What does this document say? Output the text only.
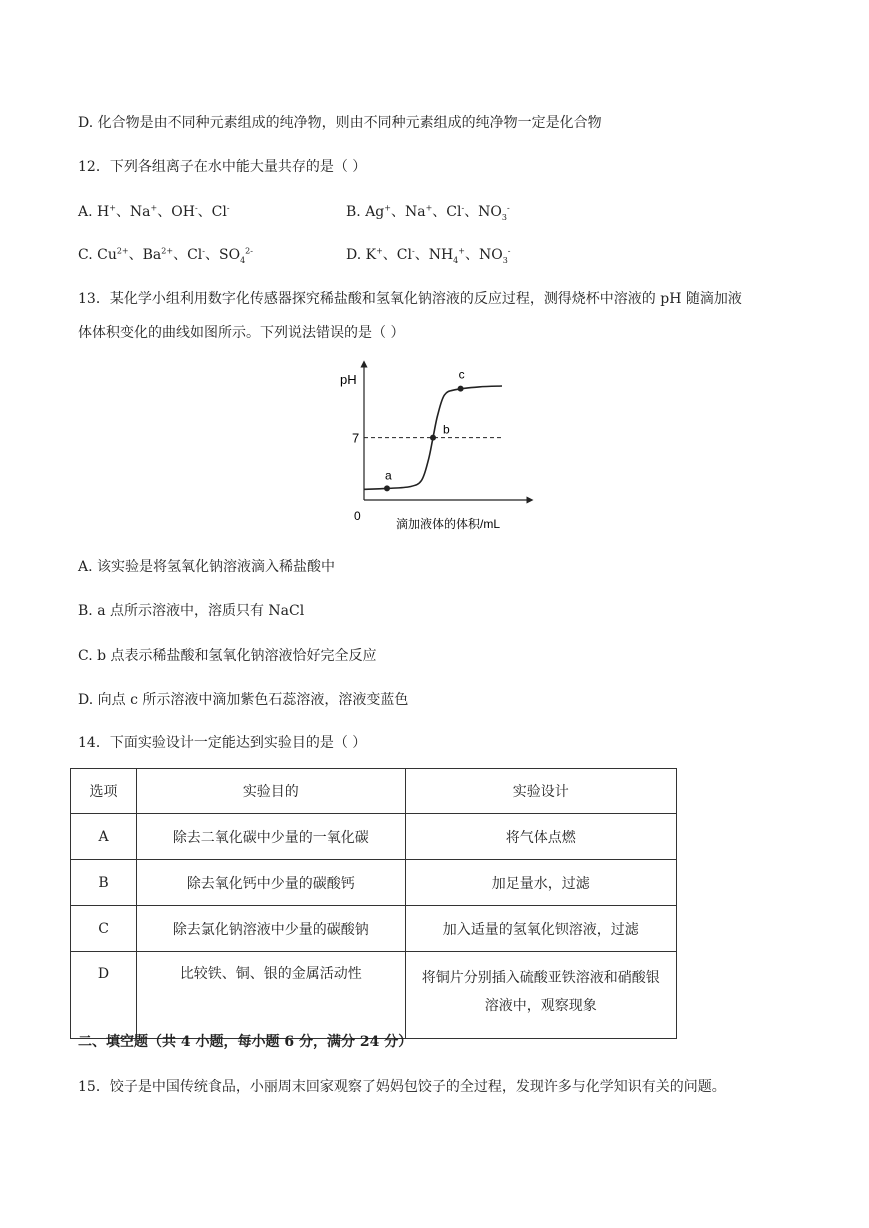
D. 化合物是由不同种元素组成的纯净物，则由不同种元素组成的纯净物一定是化合物
12．下列各组离子在水中能大量共存的是（ ）
A. H+、Na+、OH-、Cl-	B. Ag+、Na+、Cl-、$NO_3^-$
C. $Cu^{2+}$、$Ba^{2+}$、Cl-、$SO_4^{2-}$	D. K+、Cl-、$NH_4^+$、$NO_3^-$
13．某化学小组利用数字化传感器探究稀盐酸和氢氧化钠溶液的反应过程，测得烧杯中溶液的 pH 随滴加液
体体积变化的曲线如图所示。下列说法错误的是（ ）
pH
0
滴加液体的体积/mL
7
a
b
c
A. 该实验是将氢氧化钠溶液滴入稀盐酸中
B. a 点所示溶液中，溶质只有 NaCl
C. b 点表示稀盐酸和氢氧化钠溶液恰好完全反应
D. 向点 c 所示溶液中滴加紫色石蕊溶液，溶液变蓝色
14．下面实验设计一定能达到实验目的是（ ）
选项	实验目的	实验设计
A	除去二氧化碳中少量的一氧化碳	将气体点燃
B	除去氧化钙中少量的碳酸钙	加足量水，过滤
C	除去氯化钠溶液中少量的碳酸钠	加入适量的氢氧化钡溶液，过滤
D	比较铁、铜、银的金属活动性	将铜片分别插入硫酸亚铁溶液和硝酸银溶液中，观察现象
二、填空题（共 4 小题，每小题 6 分，满分 24 分）
15．饺子是中国传统食品，小丽周末回家观察了妈妈包饺子的全过程，发现许多与化学知识有关的问题。
